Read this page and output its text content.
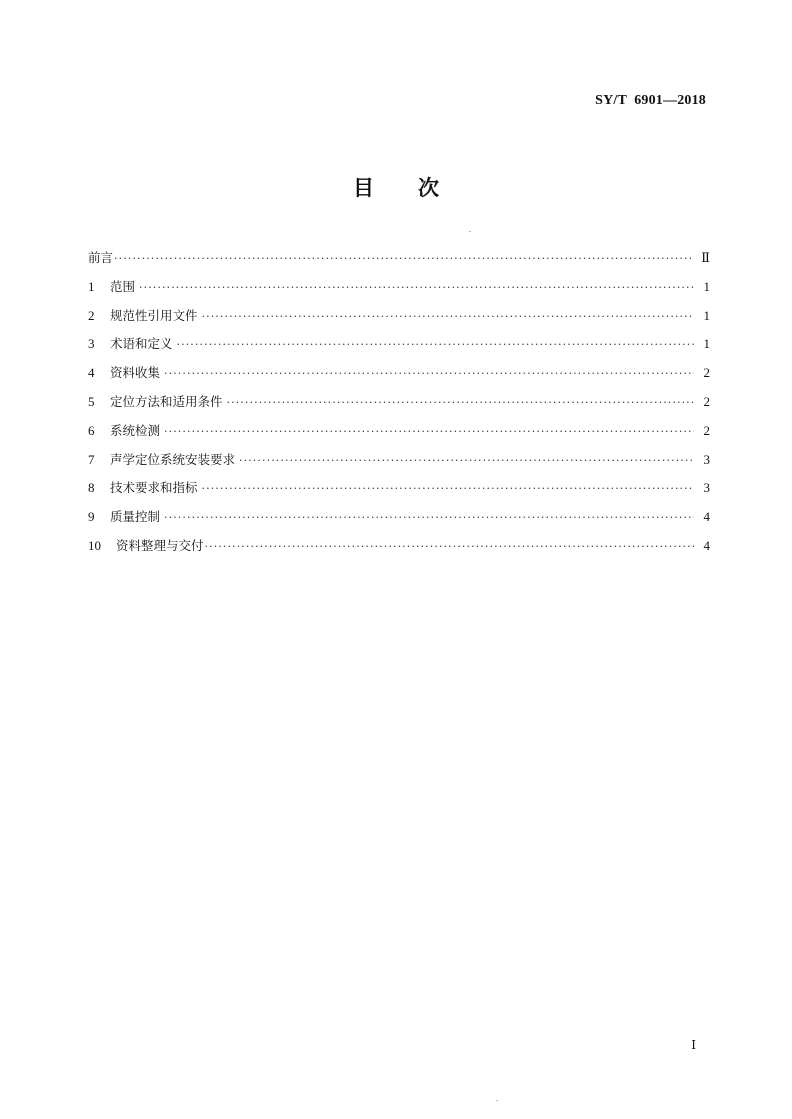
SY/T  6901—2018
目次
前言 ·····	Ⅱ
1	范围 ·····	1
2	规范性引用文件 ·····	1
3	术语和定义 ·····	1
4	资料收集 ·····	2
5	定位方法和适用条件 ·····	2
6	系统检测 ·····	2
7	声学定位系统安装要求 ·····	3
8	技术要求和指标 ·····	3
9	质量控制 ·····	4
10	资料整理与交付 ·····	4
Ⅰ
